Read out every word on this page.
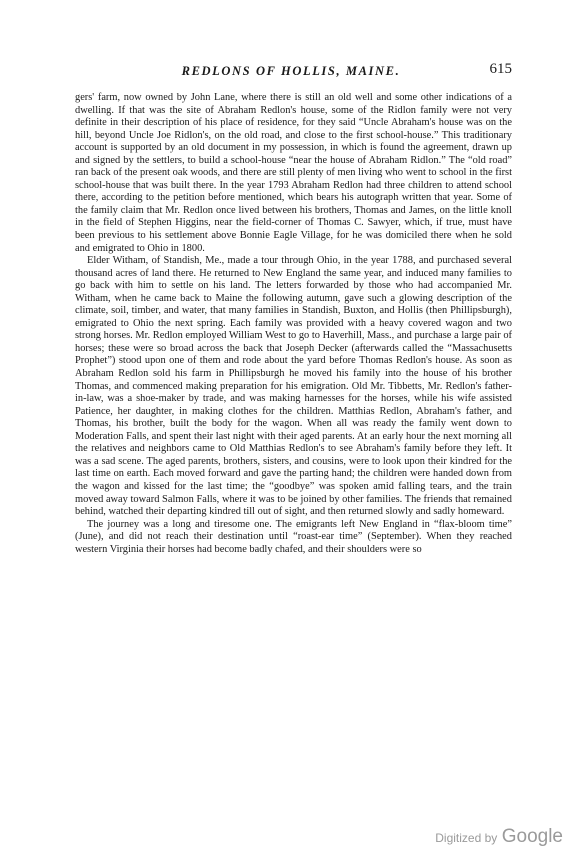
REDLONS OF HOLLIS, MAINE.	615

gers' farm, now owned by John Lane, where there is still an old well and some other indications of a dwelling. If that was the site of Abraham Redlon's house, some of the Ridlon family were not very definite in their description of his place of residence, for they said “Uncle Abraham's house was on the hill, beyond Uncle Joe Ridlon's, on the old road, and close to the first school-house.” This traditionary account is supported by an old document in my possession, in which is found the agreement, drawn up and signed by the settlers, to build a school-house “near the house of Abraham Ridlon.” The “old road” ran back of the present oak woods, and there are still plenty of men living who went to school in the first school-house that was built there. In the year 1793 Abraham Redlon had three children to attend school there, according to the petition before mentioned, which bears his autograph written that year. Some of the family claim that Mr. Redlon once lived between his brothers, Thomas and James, on the little knoll in the field of Stephen Higgins, near the field-corner of Thomas C. Sawyer, which, if true, must have been previous to his settlement above Bonnie Eagle Village, for he was domiciled there when he sold and emigrated to Ohio in 1800.

Elder Witham, of Standish, Me., made a tour through Ohio, in the year 1788, and purchased several thousand acres of land there. He returned to New England the same year, and induced many families to go back with him to settle on his land. The letters forwarded by those who had accompanied Mr. Witham, when he came back to Maine the following autumn, gave such a glowing description of the climate, soil, timber, and water, that many families in Standish, Buxton, and Hollis (then Phillipsburgh), emigrated to Ohio the next spring. Each family was provided with a heavy covered wagon and two strong horses. Mr. Redlon employed William West to go to Haverhill, Mass., and purchase a large pair of horses; these were so broad across the back that Joseph Decker (afterwards called the “Massachusetts Prophet”) stood upon one of them and rode about the yard before Thomas Redlon's house. As soon as Abraham Redlon sold his farm in Phillipsburgh he moved his family into the house of his brother Thomas, and commenced making preparation for his emigration. Old Mr. Tibbetts, Mr. Redlon's father-in-law, was a shoe-maker by trade, and was making harnesses for the horses, while his wife assisted Patience, her daughter, in making clothes for the children. Matthias Redlon, Abraham's father, and Thomas, his brother, built the body for the wagon. When all was ready the family went down to Moderation Falls, and spent their last night with their aged parents. At an early hour the next morning all the relatives and neighbors came to Old Matthias Redlon's to see Abraham's family before they left. It was a sad scene. The aged parents, brothers, sisters, and cousins, were to look upon their kindred for the last time on earth. Each moved forward and gave the parting hand; the children were handed down from the wagon and kissed for the last time; the “goodbye” was spoken amid falling tears, and the train moved away toward Salmon Falls, where it was to be joined by other families. The friends that remained behind, watched their departing kindred till out of sight, and then returned slowly and sadly homeward.

The journey was a long and tiresome one. The emigrants left New England in “flax-bloom time” (June), and did not reach their destination until “roast-ear time” (September). When they reached western Virginia their horses had become badly chafed, and their shoulders were so

Digitized by Google
